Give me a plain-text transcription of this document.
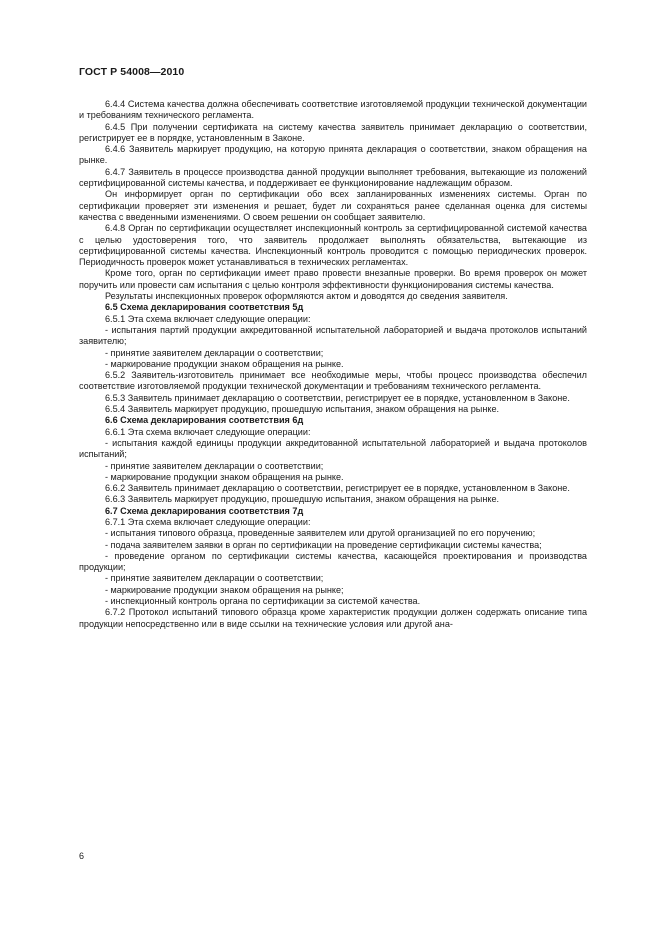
ГОСТ Р 54008—2010

6.4.4 Система качества должна обеспечивать соответствие изготовляемой продукции технической документации и требованиям технического регламента.

6.4.5 При получении сертификата на систему качества заявитель принимает декларацию о соответствии, регистрирует ее в порядке, установленным в Законе.

6.4.6 Заявитель маркирует продукцию, на которую принята декларация о соответствии, знаком обращения на рынке.

6.4.7 Заявитель в процессе производства данной продукции выполняет требования, вытекающие из положений сертифицированной системы качества, и поддерживает ее функционирование надлежащим образом.

Он информирует орган по сертификации обо всех запланированных изменениях системы. Орган по сертификации проверяет эти изменения и решает, будет ли сохраняться ранее сделанная оценка для системы качества с введенными изменениями. О своем решении он сообщает заявителю.

6.4.8 Орган по сертификации осуществляет инспекционный контроль за сертифицированной системой качества с целью удостоверения того, что заявитель продолжает выполнять обязательства, вытекающие из сертифицированной системы качества. Инспекционный контроль проводится с помощью периодических проверок. Периодичность проверок может устанавливаться в технических регламентах.

Кроме того, орган по сертификации имеет право провести внезапные проверки. Во время проверок он может поручить или провести сам испытания с целью контроля эффективности функционирования системы качества.

Результаты инспекционных проверок оформляются актом и доводятся до сведения заявителя.

6.5 Схема декларирования соответствия 5д

6.5.1 Эта схема включает следующие операции:

- испытания партий продукции аккредитованной испытательной лабораторией и выдача протоколов испытаний заявителю;

- принятие заявителем декларации о соответствии;

- маркирование продукции знаком обращения на рынке.

6.5.2 Заявитель-изготовитель принимает все необходимые меры, чтобы процесс производства обеспечил соответствие изготовляемой продукции технической документации и требованиям технического регламента.

6.5.3 Заявитель принимает декларацию о соответствии, регистрирует ее в порядке, установленном в Законе.

6.5.4 Заявитель маркирует продукцию, прошедшую испытания, знаком обращения на рынке.

6.6 Схема декларирования соответствия 6д

6.6.1 Эта схема включает следующие операции:

- испытания каждой единицы продукции аккредитованной испытательной лабораторией и выдача протоколов испытаний;

- принятие заявителем декларации о соответствии;

- маркирование продукции знаком обращения на рынке.

6.6.2 Заявитель принимает декларацию о соответствии, регистрирует ее в порядке, установленном в Законе.

6.6.3 Заявитель маркирует продукцию, прошедшую испытания, знаком обращения на рынке.

6.7 Схема декларирования соответствия 7д

6.7.1 Эта схема включает следующие операции:

- испытания типового образца, проведенные заявителем или другой организацией по его поручению;

- подача заявителем заявки в орган по сертификации на проведение сертификации системы качества;

- проведение органом по сертификации системы качества, касающейся проектирования и производства продукции;

- принятие заявителем декларации о соответствии;

- маркирование продукции знаком обращения на рынке;

- инспекционный контроль органа по сертификации за системой качества.

6.7.2 Протокол испытаний типового образца кроме характеристик продукции должен содержать описание типа продукции непосредственно или в виде ссылки на технические условия или другой ана-

6
